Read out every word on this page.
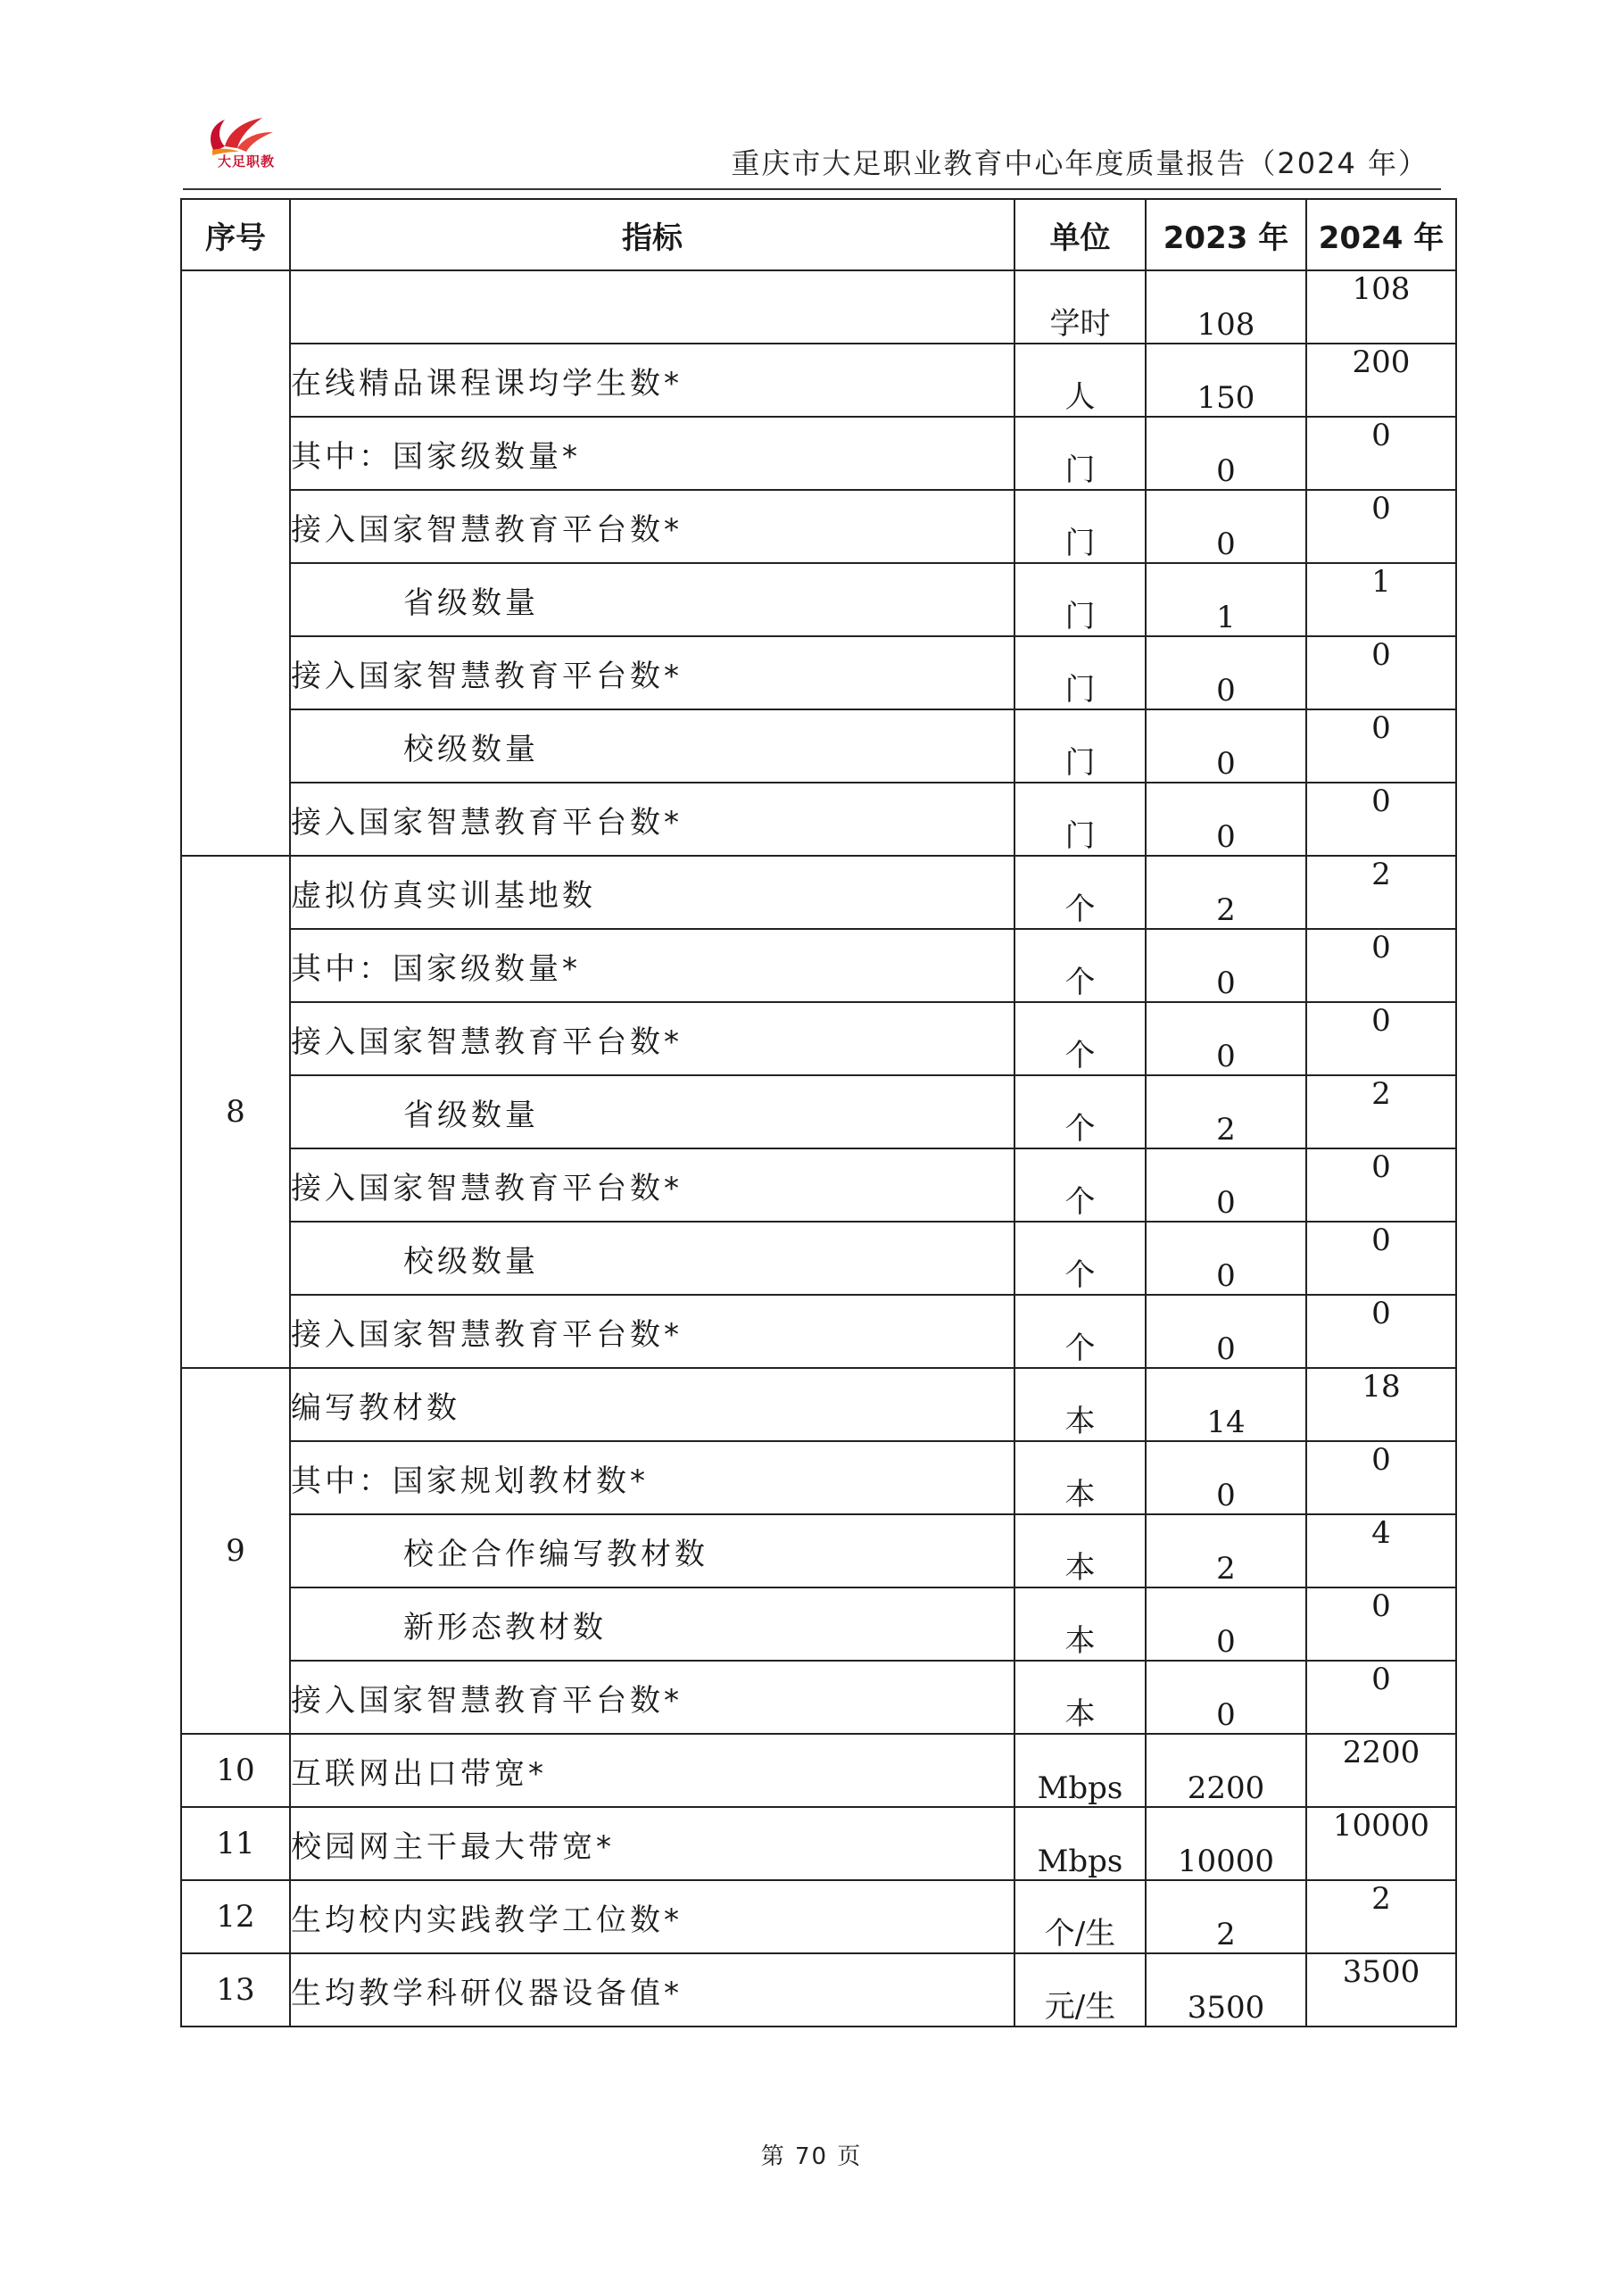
大足职教	重庆市大足职业教育中心年度质量报告（2024 年）
序号	指标	单位	2023 年	2024 年
		学时	108	108
	在线精品课程课均学生数*	人	150	200
	其中：国家级数量*	门	0	0
	接入国家智慧教育平台数*	门	0	0
	省级数量	门	1	1
	接入国家智慧教育平台数*	门	0	0
	校级数量	门	0	0
	接入国家智慧教育平台数*	门	0	0
8	虚拟仿真实训基地数	个	2	2
	其中：国家级数量*	个	0	0
	接入国家智慧教育平台数*	个	0	0
	省级数量	个	2	2
	接入国家智慧教育平台数*	个	0	0
	校级数量	个	0	0
	接入国家智慧教育平台数*	个	0	0
9	编写教材数	本	14	18
	其中：国家规划教材数*	本	0	0
	校企合作编写教材数	本	2	4
	新形态教材数	本	0	0
	接入国家智慧教育平台数*	本	0	0
10	互联网出口带宽*	Mbps	2200	2200
11	校园网主干最大带宽*	Mbps	10000	10000
12	生均校内实践教学工位数*	个/生	2	2
13	生均教学科研仪器设备值*	元/生	3500	3500
第 70 页
